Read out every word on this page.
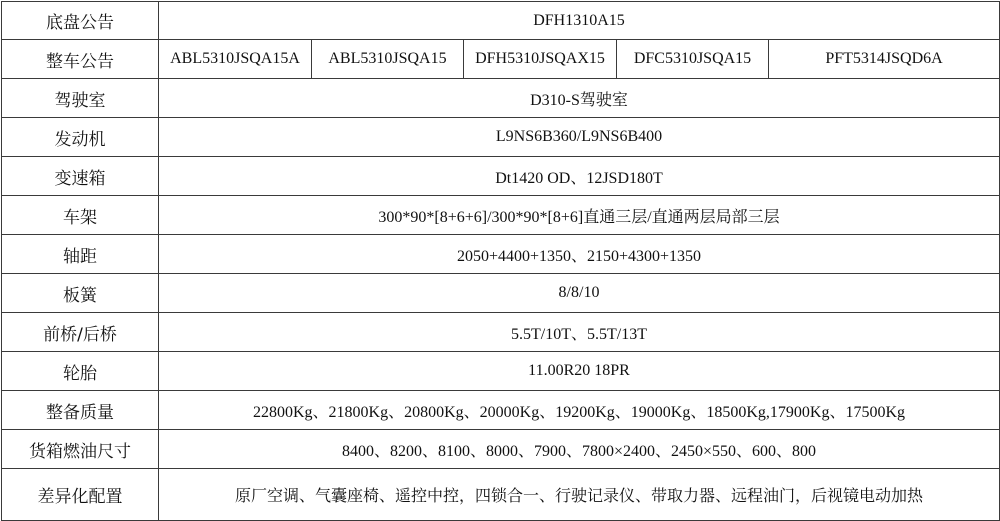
底盘公告	DFH1310A15				
整车公告	ABL5310JSQA15A	ABL5310JSQA15	DFH5310JSQAX15	DFC5310JSQA15	PFT5314JSQD6A
驾驶室	D310-S驾驶室				
发动机	L9NS6B360/L9NS6B400				
变速箱	Dt1420 OD、12JSD180T				
车架	300*90*[8+6+6]/300*90*[8+6]直通三层/直通两层局部三层				
轴距	2050+4400+1350、2150+4300+1350				
板簧	8/8/10				
前桥/后桥	5.5T/10T、5.5T/13T				
轮胎	11.00R20 18PR				
整备质量	22800Kg、21800Kg、20800Kg、20000Kg、19200Kg、19000Kg、18500Kg,17900Kg、17500Kg				
货箱燃油尺寸	8400、8200、8100、8000、7900、7800×2400、2450×550、600、800				
差异化配置	原厂空调、气囊座椅、遥控中控，四锁合一、行驶记录仪、带取力器、远程油门，后视镜电动加热				
